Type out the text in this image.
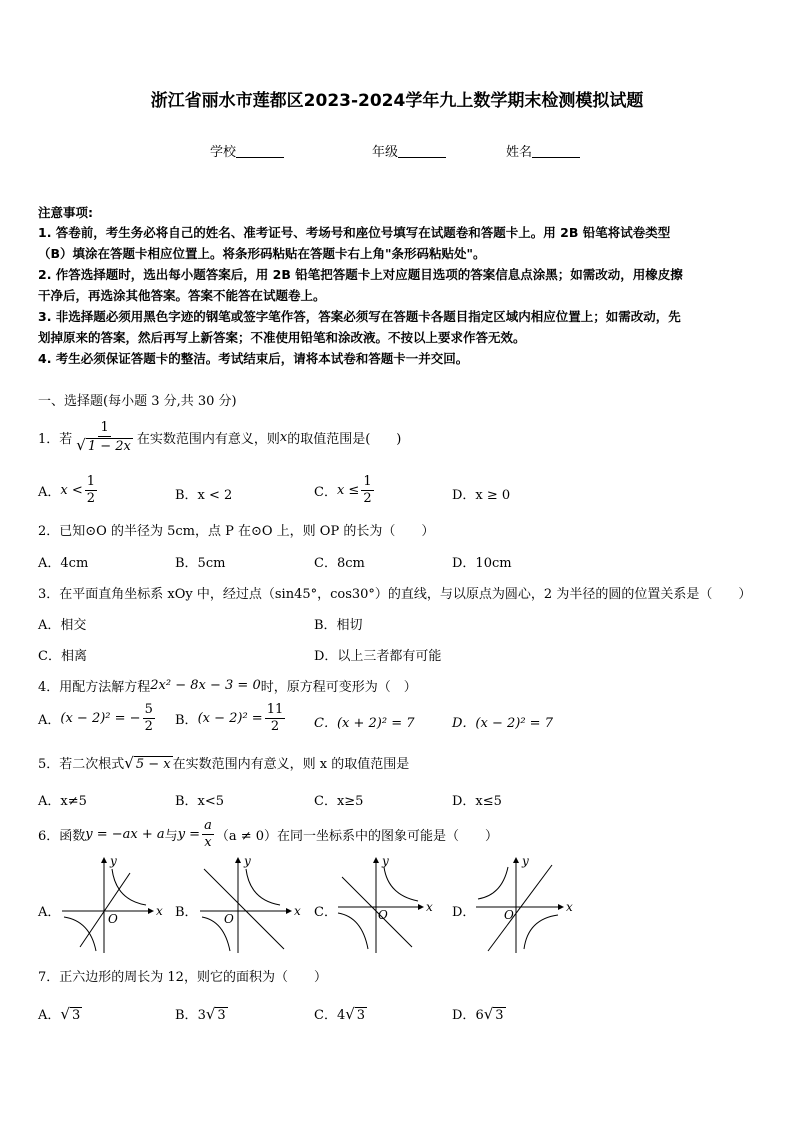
浙江省丽水市莲都区2023-2024学年九上数学期末检测模拟试题
学校	年级	姓名
注意事项:
1. 答卷前，考生务必将自己的姓名、准考证号、考场号和座位号填写在试题卷和答题卡上。用 2B 铅笔将试卷类型
（B）填涂在答题卡相应位置上。将条形码粘贴在答题卡右上角"条形码粘贴处"。
2. 作答选择题时，选出每小题答案后，用 2B 铅笔把答题卡上对应题目选项的答案信息点涂黑；如需改动，用橡皮擦
干净后，再选涂其他答案。答案不能答在试题卷上。
3. 非选择题必须用黑色字迹的钢笔或签字笔作答，答案必须写在答题卡各题目指定区域内相应位置上；如需改动，先
划掉原来的答案，然后再写上新答案；不准使用铅笔和涂改液。不按以上要求作答无效。
4. 考生必须保证答题卡的整洁。考试结束后，请将本试卷和答题卡一并交回。
一、选择题(每小题 3 分,共 30 分)
1．若 $\frac{1}{√ 1 - 2x}$ 在实数范围内有意义，则 x 的取值范围是(　　)
A． $x < \frac{1}{2}$	B．x < 2	C． $x \le \frac{1}{2}$	D．x ≥ 0
2．已知⊙O 的半径为 5cm，点 P 在⊙O 上，则 OP 的长为（　　）
A．4cm	B．5cm	C．8cm	D．10cm
3．在平面直角坐标系 xOy 中，经过点（sin45°，cos30°）的直线，与以原点为圆心，2 为半径的圆的位置关系是（　　）
A．相交	B．相切
C．相离	D．以上三者都有可能
4．用配方法解方程 2x² − 8x − 3 = 0 时，原方程可变形为（　）
A． (x − 2)² = − $\frac{5}{2}$ B． $(x - 2)^2 = \frac{11}{2}$ C．(x + 2)² = 7	D．(x − 2)² = 7
5．若二次根式 √ 5 − x 在实数范围内有意义，则 x 的取值范围是
A．x≠5	B．x<5	C．x≥5	D．x≤5
6．函数 y = −ax + a 与 $y = \frac{a}{x} (a \ne 0)$在同一坐标系中的图象可能是（　　）
A．	B．	C．	D．
O
x
y
O
x
y
O
x
y
O
x
y
7．正六边形的周长为 12，则它的面积为（　　）
A．√ 3	B．3√ 3	C．4√ 3	D．6√ 3
